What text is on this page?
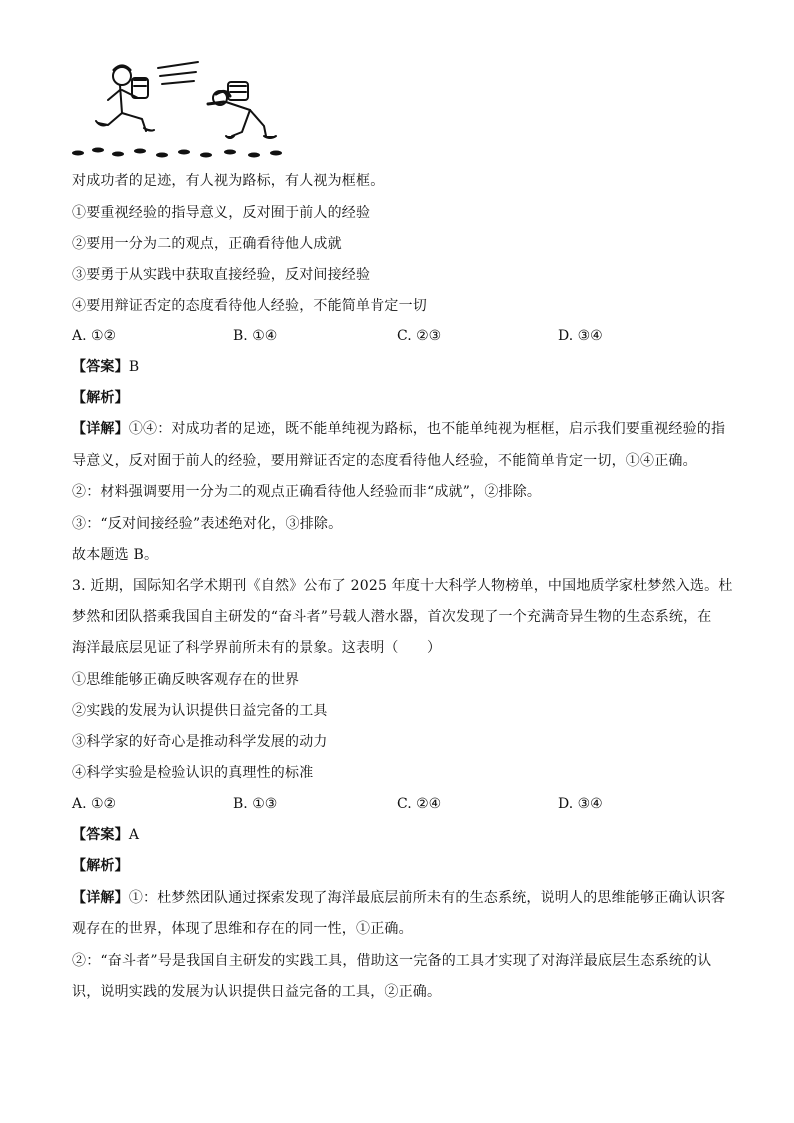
对成功者的足迹，有人视为路标，有人视为框框。
①要重视经验的指导意义，反对囿于前人的经验
②要用一分为二的观点，正确看待他人成就
③要勇于从实践中获取直接经验，反对间接经验
④要用辩证否定的态度看待他人经验，不能简单肯定一切
A. ①②	B. ①④	C. ②③	D. ③④
【答案】B
【解析】
【详解】①④：对成功者的足迹，既不能单纯视为路标，也不能单纯视为框框，启示我们要重视经验的指
导意义，反对囿于前人的经验，要用辩证否定的态度看待他人经验，不能简单肯定一切，①④正确。
②：材料强调要用一分为二的观点正确看待他人经验而非“成就”，②排除。
③：“反对间接经验”表述绝对化，③排除。
故本题选 B。
3. 近期，国际知名学术期刊《自然》公布了 2025 年度十大科学人物榜单，中国地质学家杜梦然入选。杜
梦然和团队搭乘我国自主研发的“奋斗者”号载人潜水器，首次发现了一个充满奇异生物的生态系统，在
海洋最底层见证了科学界前所未有的景象。这表明（　　）
①思维能够正确反映客观存在的世界
②实践的发展为认识提供日益完备的工具
③科学家的好奇心是推动科学发展的动力
④科学实验是检验认识的真理性的标准
A. ①②	B. ①③	C. ②④	D. ③④
【答案】A
【解析】
【详解】①：杜梦然团队通过探索发现了海洋最底层前所未有的生态系统，说明人的思维能够正确认识客
观存在的世界，体现了思维和存在的同一性，①正确。
②：“奋斗者”号是我国自主研发的实践工具，借助这一完备的工具才实现了对海洋最底层生态系统的认
识，说明实践的发展为认识提供日益完备的工具，②正确。
